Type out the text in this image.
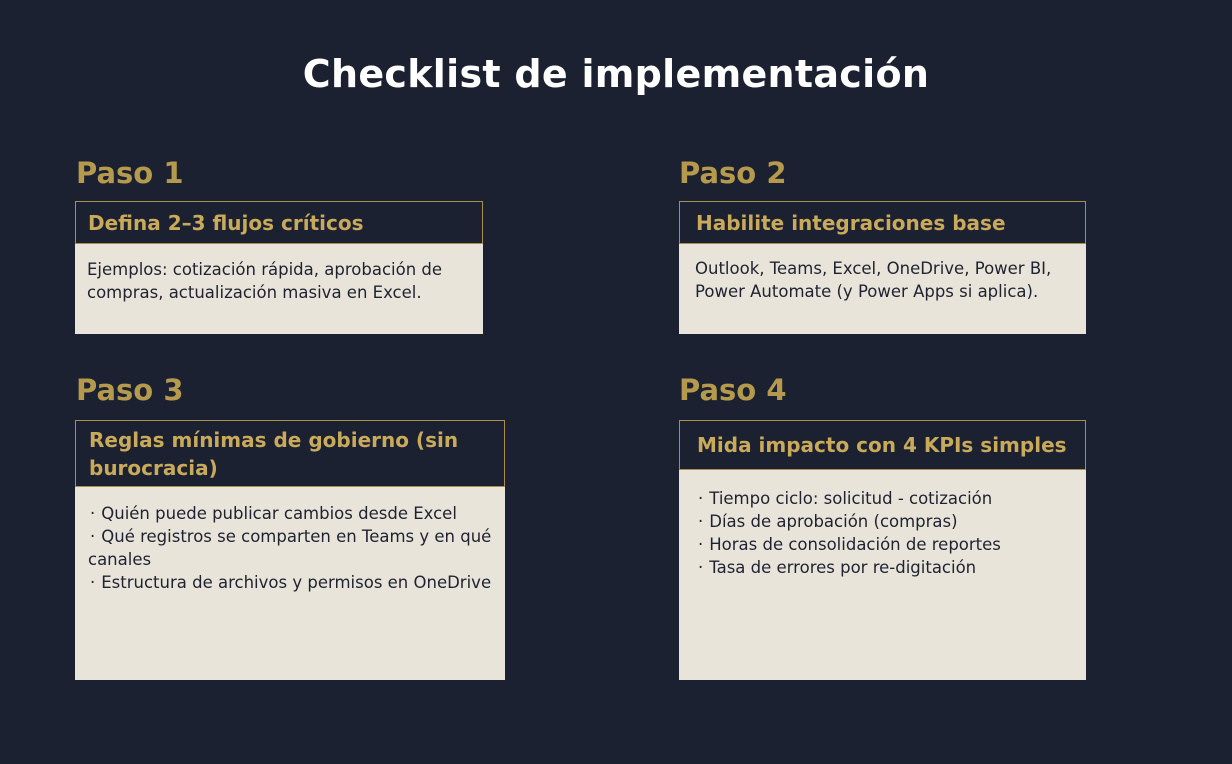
Checklist de implementación
Paso 1
Defina 2–3 flujos críticos

Ejemplos: cotización rápida, aprobación de compras, actualización masiva en Excel.

Paso 2
Habilite integraciones base

Outlook, Teams, Excel, OneDrive, Power BI, Power Automate (y Power Apps si aplica).

Paso 3
Reglas mínimas de gobierno (sin burocracia)

· Quién puede publicar cambios desde Excel

· Qué registros se comparten en Teams y en qué canales

· Estructura de archivos y permisos en OneDrive

Paso 4
Mida impacto con 4 KPIs simples

· Tiempo ciclo: solicitud - cotización

· Días de aprobación (compras)

· Horas de consolidación de reportes

· Tasa de errores por re-digitación
